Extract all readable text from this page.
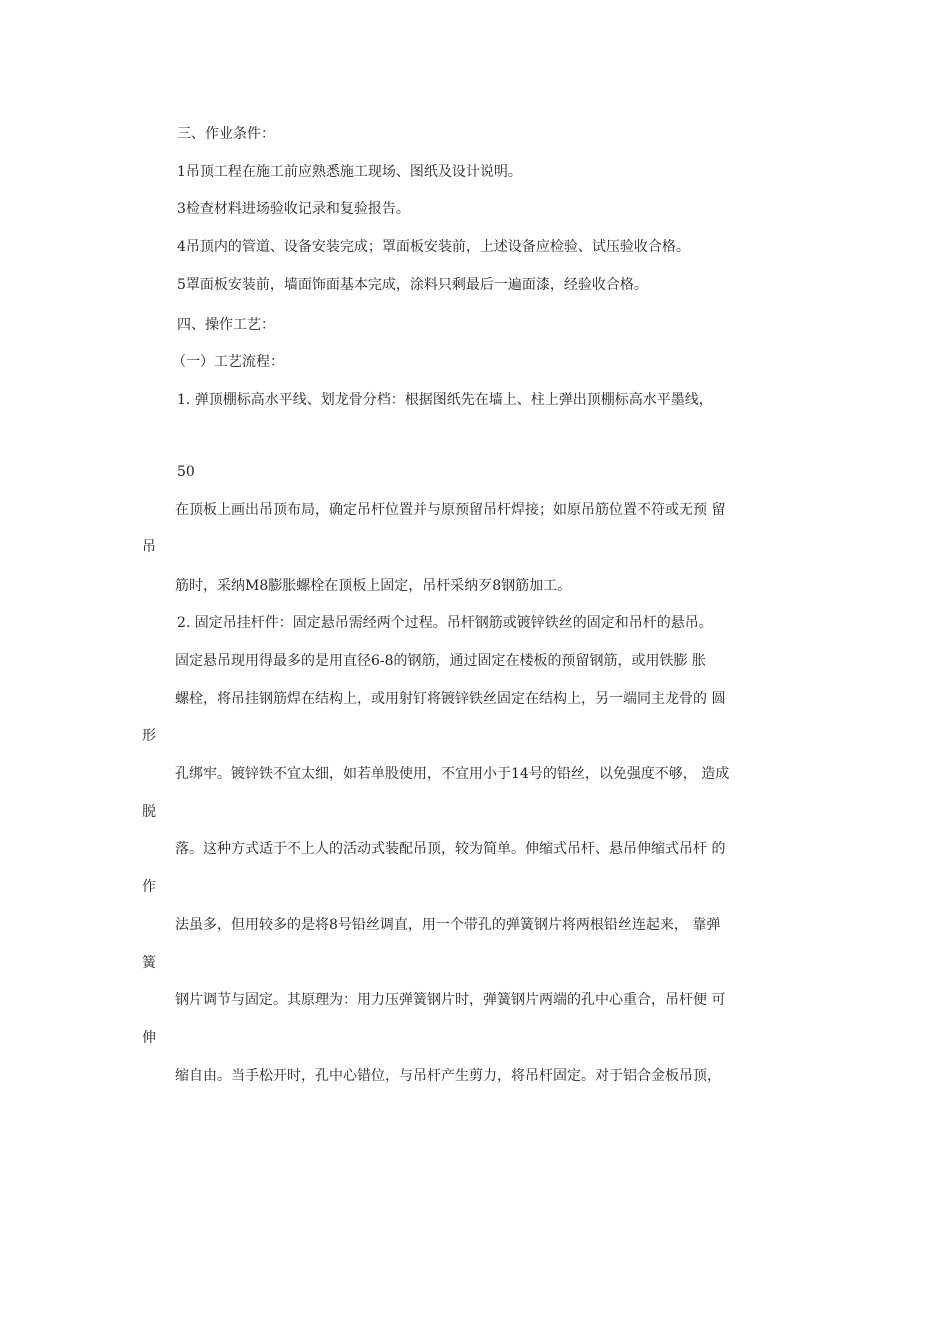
三、作业条件：
1吊顶工程在施工前应熟悉施工现场、图纸及设计说明。
3检查材料进场验收记录和复验报告。
4吊顶内的管道、设备安装完成；罩面板安装前，上述设备应检验、试压验收合格。
5罩面板安装前，墙面饰面基本完成，涂料只剩最后一遍面漆，经验收合格。
四、操作工艺：
（一）工艺流程：
1. 弹顶棚标高水平线、划龙骨分档：根据图纸先在墙上、柱上弹出顶棚标高水平墨线，
50
在顶板上画出吊顶布局，确定吊杆位置并与原预留吊杆焊接；如原吊筋位置不符或无预 留
吊
筋时，采纳M8膨胀螺栓在顶板上固定，吊杆采纳歹8钢筋加工。
2. 固定吊挂杆件：固定悬吊需经两个过程。吊杆钢筋或镀锌铁丝的固定和吊杆的悬吊。
固定悬吊现用得最多的是用直径6-8的钢筋，通过固定在楼板的预留钢筋，或用铁膨 胀
螺栓，将吊挂钢筋焊在结构上，或用射钉将镀锌铁丝固定在结构上，另一端同主龙骨的 圆
形
孔绑牢。镀锌铁不宜太细，如若单股使用，不宜用小于14号的铅丝，以免强度不够， 造成
脱
落。这种方式适于不上人的活动式装配吊顶，较为简单。伸缩式吊杆、悬吊伸缩式吊杆 的
作
法虽多，但用较多的是将8号铅丝调直，用一个带孔的弹簧钢片将两根铅丝连起来， 靠弹
簧
钢片调节与固定。其原理为：用力压弹簧钢片时，弹簧钢片两端的孔中心重合，吊杆便 可
伸
缩自由。当手松开时，孔中心错位，与吊杆产生剪力，将吊杆固定。对于铝合金板吊顶，
